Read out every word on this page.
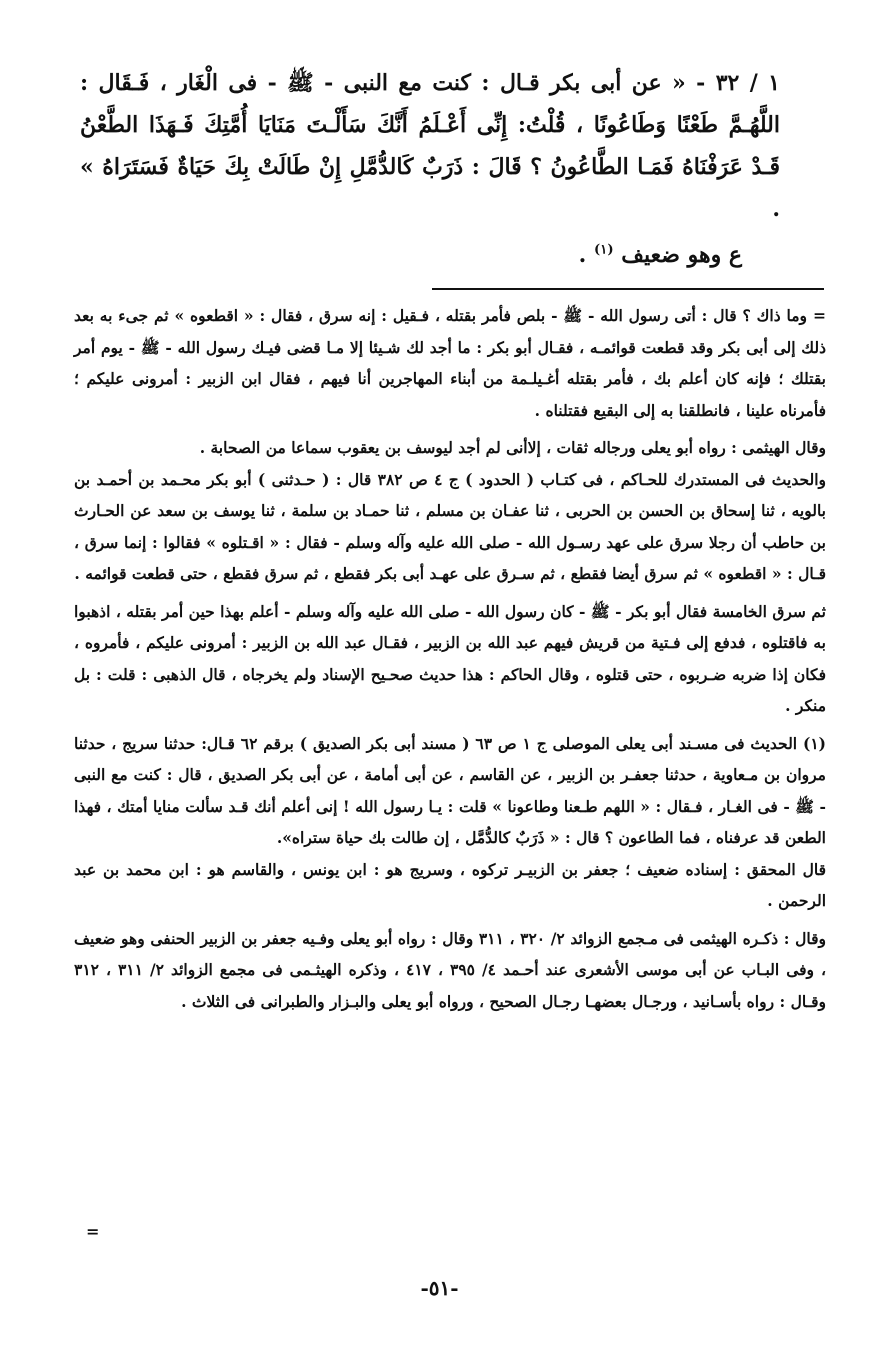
١ / ٣٢ - « عن أبى بكر قـال : كنت مع النبى - ﷺ - فى الْغَار ، فَـقَال : اللَّهُـمَّ طَعْنًا وَطَاعُونًا ، قُلْتُ: إِنِّى أَعْـلَمُ أَنَّكَ سَأَلْـتَ مَنَايَا أُمَّتِكَ فَـهَذَا الطَّعْنُ قَـدْ عَرَفْنَاهُ فَمَـا الطَّاعُونُ ؟ قَالَ : ذَرَبٌ كَالدُّمَّلِ إِنْ طَالَتْ بِكَ حَيَاةٌ فَسَتَرَاهُ » .

ع وهو ضعيف $^{(١)}$ .

=وما ذاك ؟ قال : أتى رسول الله - ﷺ - بلص فأمر بقتله ، فـقيل : إنه سرق ، فقال : « اقطعوه » ثم جىء به بعد ذلك إلى أبى بكر وقد قطعت قوائمـه ، فقـال أبو بكر : ما أجد لك شـيئا إلا مـا قضى فيـك رسول الله - ﷺ - يوم أمر بقتلك ؛ فإنه كان أعلم بك ، فأمر بقتله أغـيلـمة من أبناء المهاجرين أنا فيهم ، فقال ابن الزبير : أمرونى عليكم ؛ فأمرناه علينا ، فانطلقنا به إلى البقيع فقتلناه .

وقال الهيثمى : رواه أبو يعلى ورجاله ثقات ، إلاأنى لم أجد ليوسف بن يعقوب سماعا من الصحابة .

والحديث فى المستدرك للحـاكم ، فى كتـاب ( الحدود ) ج ٤ ص ٣٨٢ قال : ( حـدثنى ) أبو بكر محـمد بن أحمـد بن بالويه ، ثنا إسحاق بن الحسن بن الحربى ، ثنا عفـان بن مسلم ، ثنا حمـاد بن سلمة ، ثنا يوسف بن سعد عن الحـارث بن حاطب أن رجلا سرق على عهد رسـول الله - صلى الله عليه وآله وسلم - فقال : « اقـتلوه » فقالوا : إنما سرق ، قـال : « اقطعوه » ثم سرق أيضا فقطع ، ثم سـرق على عهـد أبى بكر فقطع ، ثم سرق فقطع ، حتى قطعت قوائمه .

ثم سرق الخامسة فقال أبو بكر - ﷺ - كان رسول الله - صلى الله عليه وآله وسلم - أعلم بهذا حين أمر بقتله ، اذهبوا به فاقتلوه ، فدفع إلى فـتية من قريش فيهم عبد الله بن الزبير ، فقـال عبد الله بن الزبير : أمرونى عليكم ، فأمروه ، فكان إذا ضربه ضـربوه ، حتى قتلوه ، وقال الحاكم : هذا حديث صحـيح الإسناد ولم يخرجاه ، قال الذهبى : قلت : بل منكر .

(١) الحديث فى مسـند أبى يعلى الموصلى ج ١ ص ٦٣ ( مسند أبى بكر الصديق ) برقم ٦٢ قـال: حدثنا سريج ، حدثنا مروان بن مـعاوية ، حدثنا جعفـر بن الزبير ، عن القاسم ، عن أبى أمامة ، عن أبى بكر الصديق ، قال : كنت مع النبى - ﷺ - فى الغـار ، فـقال : « اللهم طـعنا وطاعونا » قلت : يـا رسول الله ! إنى أعلم أنك قـد سألت منايا أمتك ، فهذا الطعن قد عرفناه ، فما الطاعون ؟ قال : « ذَرَبٌ كالدُّمَّل ، إن طالت بك حياة ستراه».

قال المحقق : إسناده ضعيف ؛ جعفر بن الزبيـر تركوه ، وسريج هو : ابن يونس ، والقاسم هو : ابن محمد بن عبد الرحمن .

وقال : ذكـره الهيثمى فى مـجمع الزوائد ٢/ ٣٢٠ ، ٣١١ وقال : رواه أبو يعلى وفـيه جعفر بن الزبير الحنفى وهو ضعيف ، وفى البـاب عن أبى موسى الأشعرى عند أحـمد ٤/ ٣٩٥ ، ٤١٧ ، وذكره الهيثـمى فى مجمع الزوائد ٢/ ٣١١ ، ٣١٢ وقـال : رواه بأسـانيد ، ورجـال بعضهـا رجـال الصحيح ، ورواه أبو يعلى والبـزار والطبرانى فى الثلاث .

=
-٥١-
